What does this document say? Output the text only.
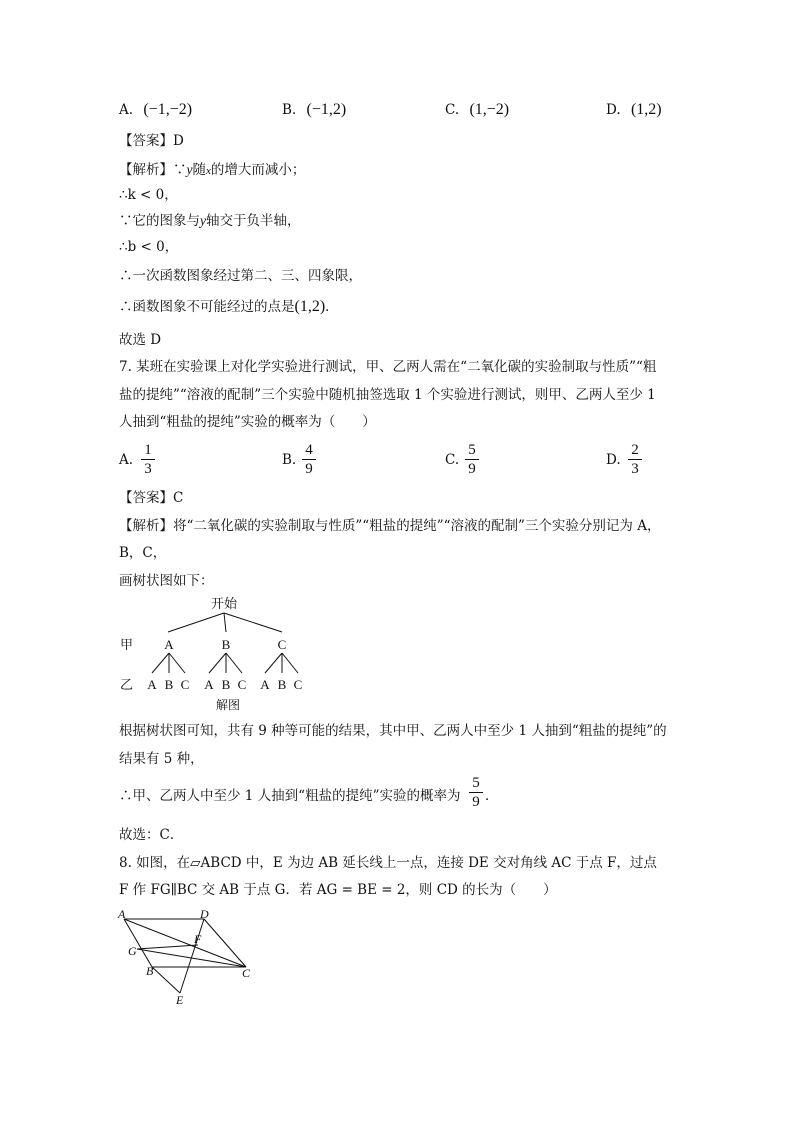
A. (−1,−2)	B. (−1,2)	C. (1,−2)	D. (1,2)
【答案】D
【解析】∵y随x的增大而减小；
∴k < 0，
∵它的图象与y轴交于负半轴，
∴b < 0，
∴一次函数图象经过第二、三、四象限，
∴函数图象不可能经过的点是(1,2)．
故选 D
7. 某班在实验课上对化学实验进行测试，甲、乙两人需在“二氧化碳的实验制取与性质”“粗
盐的提纯”“溶液的配制”三个实验中随机抽签选取 1 个实验进行测试，则甲、乙两人至少 1
人抽到“粗盐的提纯”实验的概率为（　　）
A.
1
3
B.
4
9
C.
5
9
D.
2
3
【答案】C
【解析】将“二氧化碳的实验制取与性质”“粗盐的提纯”“溶液的配制”三个实验分别记为 A，
B，C，
画树状图如下：
开始
甲 A	B	C
乙 A B C A B C A B C
解图
根据树状图可知，共有 9 种等可能的结果，其中甲、乙两人中至少 1 人抽到“粗盐的提纯”的
结果有 5 种，
∴甲、乙两人中至少 1 人抽到“粗盐的提纯”实验的概率为
5
9 ．
故选：C．
8. 如图，在▱ABCD 中，E 为边 AB 延长线上一点，连接 DE 交对角线 AC 于点 F，过点
F 作 FG∥BC 交 AB 于点 G．若 AG = BE = 2，则 CD 的长为（　　）
A	D
F
G
B	C
E
